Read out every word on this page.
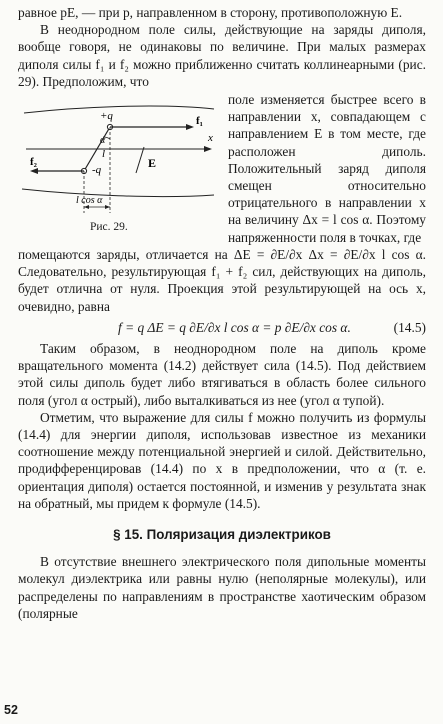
равное pE, — при p, направленном в сторону, противоположную E.

В неоднородном поле силы, действующие на заряды диполя, вообще говоря, не одинаковы по величине. При малых размерах диполя силы f₁ и f₂ можно приближенно считать коллинеарными (рис. 29). Предположим, что

+q
-q
α
l
f₁
f₂
x
E
l cos α
Рис. 29.

поле изменяется быстрее всего в направлении x, совпадающем с направлением E в том месте, где расположен диполь. Положительный заряд диполя смещен относительно отрицательного в направлении x на величину Δx = l cos α. Поэтому напряженности поля в точках, где

помещаются заряды, отличается на ΔE = ∂E/∂x Δx = ∂E/∂x l cos α. Следовательно, результирующая f₁ + f₂ сил, действующих на диполь, будет отлична от нуля. Проекция этой результирующей на ось x, очевидно, равна

f = q ΔE = q ∂E/∂x l cos α = p ∂E/∂x cos α.	(14.5)

Таким образом, в неоднородном поле на диполь кроме вращательного момента (14.2) действует сила (14.5). Под действием этой силы диполь будет либо втягиваться в область более сильного поля (угол α острый), либо выталкиваться из нее (угол α тупой).

Отметим, что выражение для силы f можно получить из формулы (14.4) для энергии диполя, использовав известное из механики соотношение между потенциальной энергией и силой. Действительно, продифференцировав (14.4) по x в предположении, что α (т. е. ориентация диполя) остается постоянной, и изменив у результата знак на обратный, мы придем к формуле (14.5).

§ 15. Поляризация диэлектриков

В отсутствие внешнего электрического поля дипольные моменты молекул диэлектрика или равны нулю (неполярные молекулы), или распределены по направлениям в пространстве хаотическим образом (полярные

52
